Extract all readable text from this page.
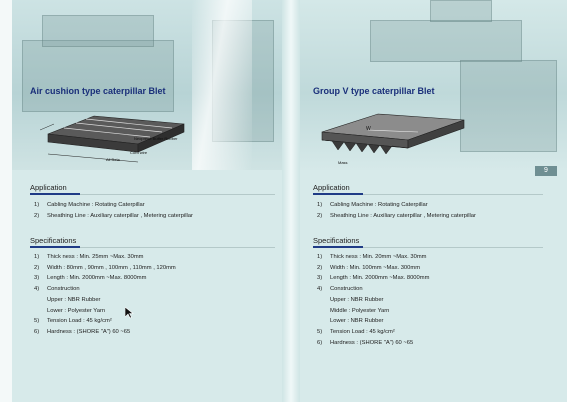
Air cushion type caterpillar Blet
Neoprene Buffer Rubber
Cord wire
All Beta
Group V type caterpillar Blet
W
Mass
9
Application
1)	Cabling Machine : Rotating Caterpillar
2)	Sheathing Line : Auxiliary caterpillar , Metering caterpillar
Specifications
1)	Thick ness : Min. 25mm ~Max. 30mm
2)	Width : 80mm , 90mm , 100mm , 110mm , 120mm
3)	Length : Min. 2000mm ~Max. 8000mm
4)	Construction
Upper : NBR Rubber
Lower : Polyester Yarn
5)	Tension Load : 45 kg/cm²
6)	Hardness : (SHORE "A") 60 ~65
Application
1)	Cabling Machine : Rotating Caterpillar
2)	Sheathing Line : Auxiliary caterpillar , Metering caterpillar
Specifications
1)	Thick ness : Min. 20mm ~Max. 30mm
2)	Width : Min. 100mm ~Max. 300mm
3)	Length : Min. 2000mm ~Max. 8000mm
4)	Construction
Upper : NBR Rubber
Middle : Polyester Yarn
Lower : NBR Rubber
5)	Tension Load : 45 kg/cm²
6)	Hardness : (SHORE "A") 60 ~65
